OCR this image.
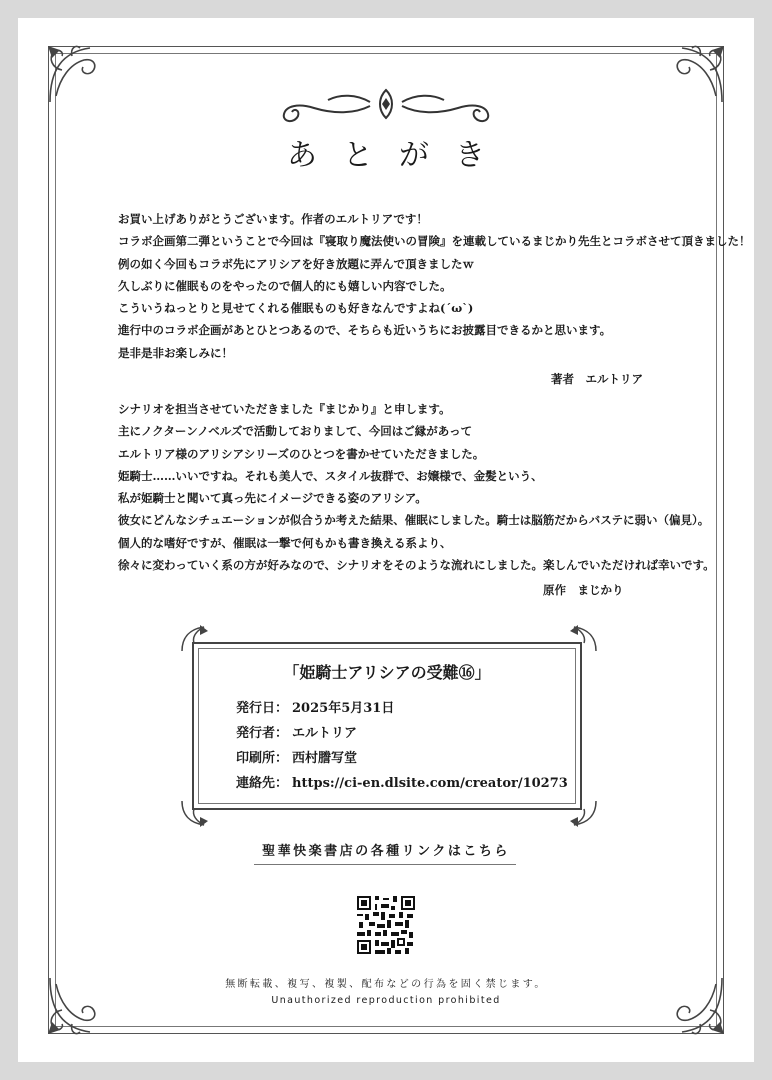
あとがき

お買い上げありがとうございます。作者のエルトリアです！

コラボ企画第二弾ということで今回は『寝取り魔法使いの冒険』を連載しているまじかり先生とコラボさせて頂きました！

例の如く今回もコラボ先にアリシアを好き放題に弄んで頂きましたｗ

久しぶりに催眠ものをやったので個人的にも嬉しい内容でした。

こういうねっとりと見せてくれる催眠ものも好きなんですよね(´ω`)

進行中のコラボ企画があとひとつあるので、そちらも近いうちにお披露目できるかと思います。

是非是非お楽しみに！

著者　エルトリア

シナリオを担当させていただきました『まじかり』と申します。

主にノクターンノベルズで活動しておりまして、今回はご縁があって

エルトリア様のアリシアシリーズのひとつを書かせていただきました。

姫騎士……いいですね。それも美人で、スタイル抜群で、お嬢様で、金髪という、

私が姫騎士と聞いて真っ先にイメージできる姿のアリシア。

彼女にどんなシチュエーションが似合うか考えた結果、催眠にしました。騎士は脳筋だからバステに弱い（偏見）。

個人的な嗜好ですが、催眠は一撃で何もかも書き換える系より、

徐々に変わっていく系の方が好みなので、シナリオをそのような流れにしました。楽しんでいただければ幸いです。

原作　まじかり
「姫騎士アリシアの受難⑯」
発行日： 2025年5月31日
発行者： エルトリア
印刷所： 西村謄写堂
連絡先： https://ci-en.dlsite.com/creator/10273
聖華快楽書店の各種リンクはこちら
無断転載、複写、複製、配布などの行為を固く禁じます。
Unauthorized reproduction prohibited
